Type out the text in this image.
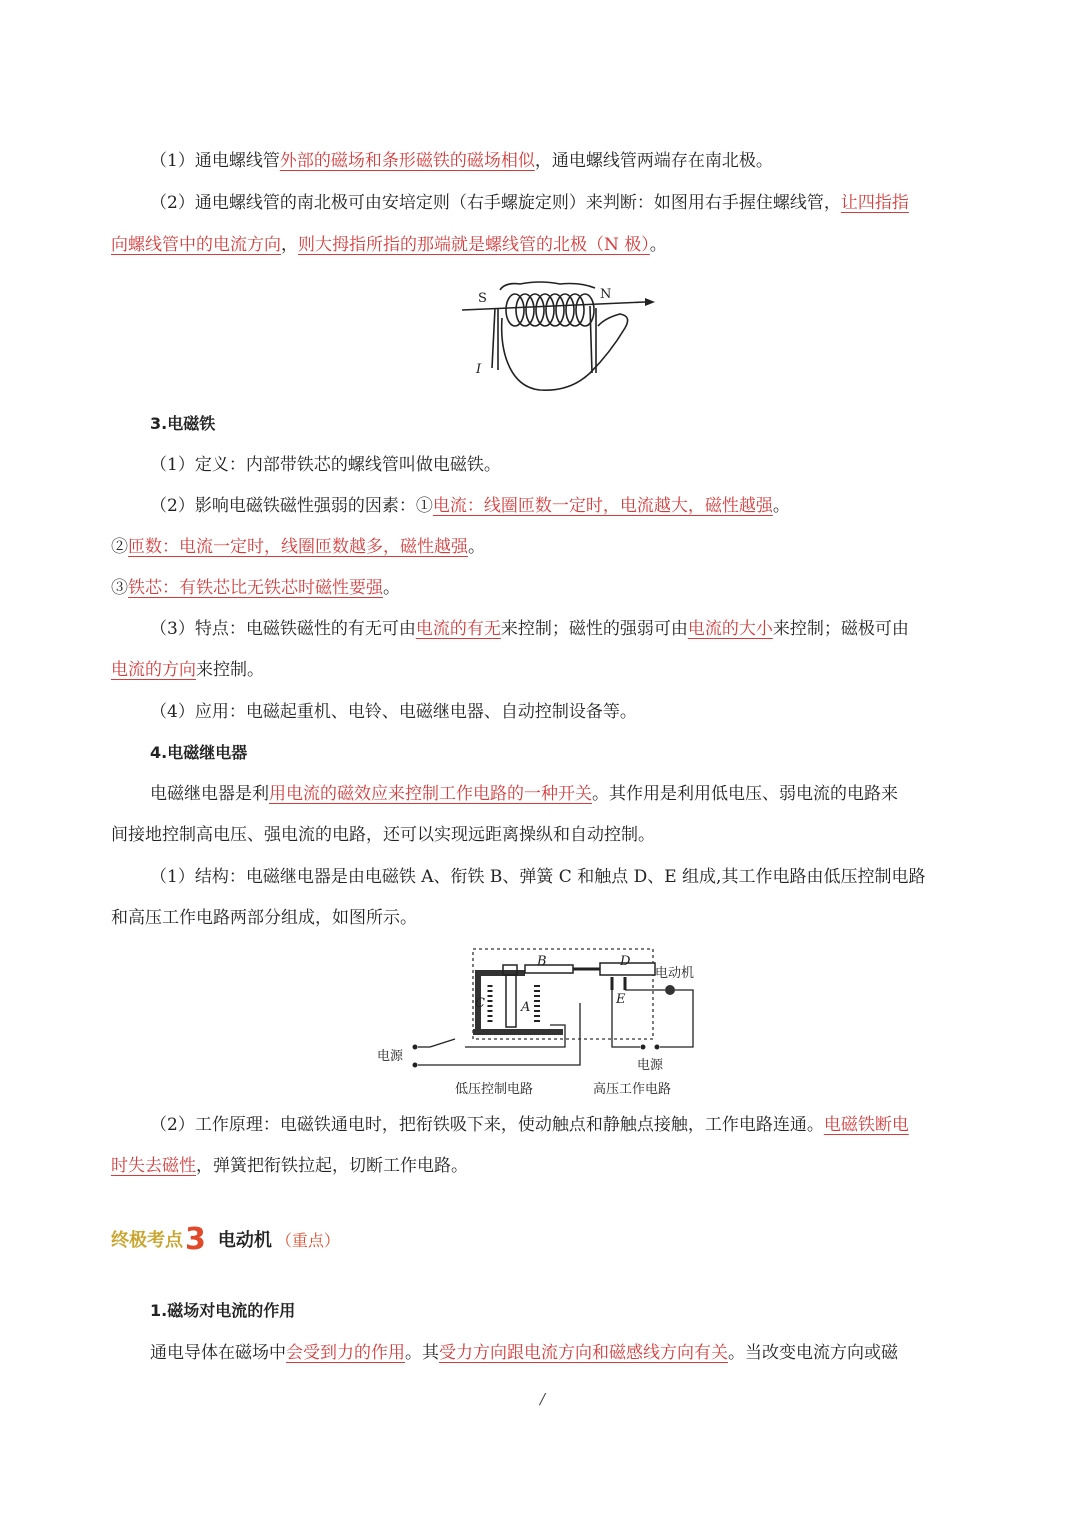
（1）通电螺线管外部的磁场和条形磁铁的磁场相似，通电螺线管两端存在南北极。
（2）通电螺线管的南北极可由安培定则（右手螺旋定则）来判断：如图用右手握住螺线管，让四指指
向螺线管中的电流方向，则大拇指所指的那端就是螺线管的北极（N 极）。
S	N
I
3.电磁铁
（1）定义：内部带铁芯的螺线管叫做电磁铁。
（2）影响电磁铁磁性强弱的因素：①电流：线圈匝数一定时，电流越大，磁性越强。
②匝数：电流一定时，线圈匝数越多，磁性越强。
③铁芯：有铁芯比无铁芯时磁性要强。
（3）特点：电磁铁磁性的有无可由电流的有无来控制；磁性的强弱可由电流的大小来控制；磁极可由
电流的方向来控制。
（4）应用：电磁起重机、电铃、电磁继电器、自动控制设备等。
4.电磁继电器
电磁继电器是利用电流的磁效应来控制工作电路的一种开关。其作用是利用低电压、弱电流的电路来
间接地控制高电压、强电流的电路，还可以实现远距离操纵和自动控制。
（1）结构：电磁继电器是由电磁铁 A、衔铁 B、弹簧 C 和触点 D、E 组成,其工作电路由低压控制电路
和高压工作电路两部分组成，如图所示。
B	D
电动机
C	A
E
电源
电源
低压控制电路	高压工作电路
（2）工作原理：电磁铁通电时，把衔铁吸下来，使动触点和静触点接触，工作电路连通。电磁铁断电
时失去磁性，弹簧把衔铁拉起，切断工作电路。
终极考点3 电动机 （重点）
1.磁场对电流的作用
通电导体在磁场中会受到力的作用。其受力方向跟电流方向和磁感线方向有关。当改变电流方向或磁
/
